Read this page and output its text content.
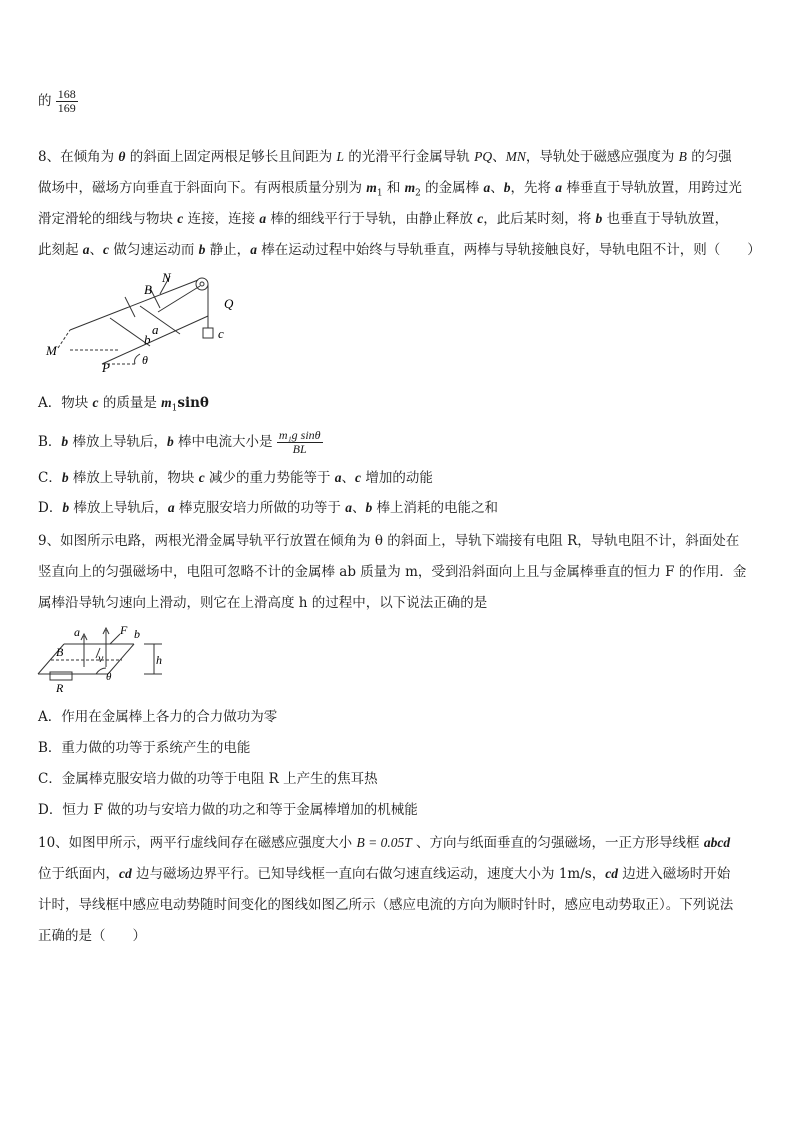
的 $\frac{168}{169}$
8、在倾角为 θ 的斜面上固定两根足够长且间距为 L 的光滑平行金属导轨 PQ、MN，导轨处于磁感应强度为 B 的匀强
做场中，磁场方向垂直于斜面向下。有两根质量分别为 $m_1$ 和 $m_2$ 的金属棒 a、b，先将 a 棒垂直于导轨放置，用跨过光
滑定滑轮的细线与物块 c 连接，连接 a 棒的细线平行于导轨，由静止释放 c，此后某时刻，将 b 也垂直于导轨放置，
此刻起 a、c 做匀速运动而 b 静止，a 棒在运动过程中始终与导轨垂直，两棒与导轨接触良好，导轨电阻不计，则（　　）
B
N
Q
a
b	c
M
P	θ
A．物块 c 的质量是 $m_1\sin\theta$
B．b 棒放上导轨后，b 棒中电流大小是 $\frac{\text{m₁g sinθ}}{BL}$
C．b 棒放上导轨前，物块 c 减少的重力势能等于 a、c 增加的动能
D．b 棒放上导轨后，a 棒克服安培力所做的功等于 a、b 棒上消耗的电能之和
9、如图所示电路，两根光滑金属导轨平行放置在倾角为 θ 的斜面上，导轨下端接有电阻 R，导轨电阻不计，斜面处在
竖直向上的匀强磁场中，电阻可忽略不计的金属棒 ab 质量为 m，受到沿斜面向上且与金属棒垂直的恒力 F 的作用．金
属棒沿导轨匀速向上滑动，则它在上滑高度 h 的过程中，以下说法正确的是
a	F b
B	v	h
R
θ
A．作用在金属棒上各力的合力做功为零
B．重力做的功等于系统产生的电能
C．金属棒克服安培力做的功等于电阻 R 上产生的焦耳热
D．恒力 F 做的功与安培力做的功之和等于金属棒增加的机械能
10、如图甲所示，两平行虚线间存在磁感应强度大小 B = 0.05T 、方向与纸面垂直的匀强磁场，一正方形导线框 abcd
位于纸面内，cd 边与磁场边界平行。已知导线框一直向右做匀速直线运动，速度大小为 1m/s，cd 边进入磁场时开始
计时，导线框中感应电动势随时间变化的图线如图乙所示（感应电流的方向为顺时针时，感应电动势取正）。下列说法
正确的是（　　）
